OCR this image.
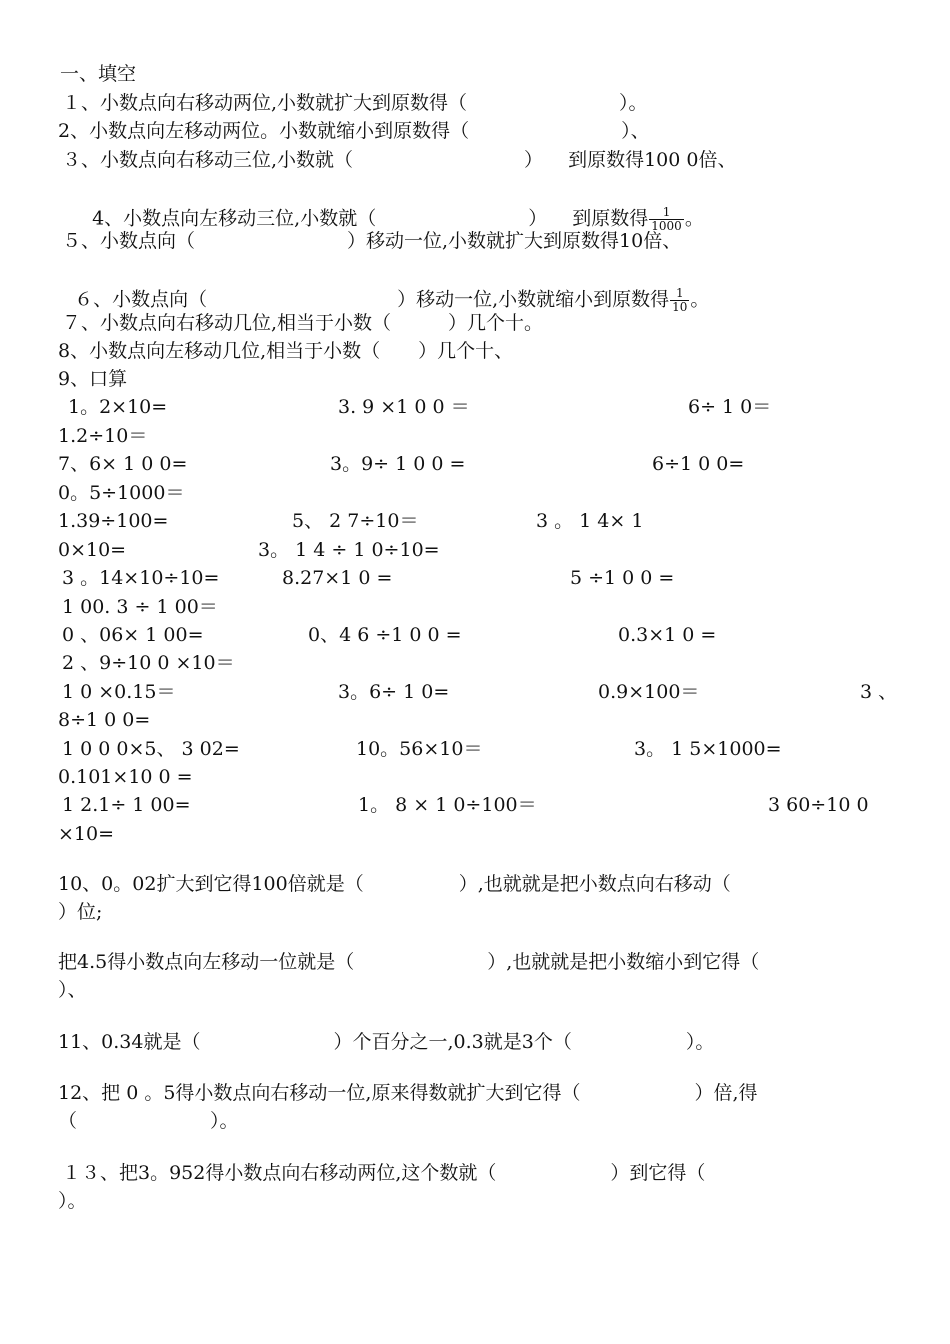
一、填空
１、小数点向右移动两位,小数就扩大到原数得（　　　　　　　　）。
2、小数点向左移动两位。小数就缩小到原数得（　　　　　　　　）、
３、小数点向右移动三位,小数就（　　　　　　　　　） 　到原数得100 0倍、

4、小数点向左移动三位,小数就（　　　　　　　　） 　到原数得 $\frac{1}{1000}$ 。

５、小数点向（　　　　　　　　）移动一位,小数就扩大到原数得10倍、

６、小数点向（　　　　　　　　　　）移动一位,小数就缩小到原数得 $\frac{1}{10}$ 。

７、小数点向右移动几位,相当于小数（　　　）几个十。
8、小数点向左移动几位,相当于小数（　　）几个十、
9、口算
1。2×10=	3. 9 ×1 0 0 ＝	6÷ 1 0＝
1.2÷10＝
7、6× 1 0 0=	3。9÷ 1 0 0 =	6÷1 0 0=
0。5÷1000＝
1.39÷100=	5、 2 7÷10＝	3 。 1 4× 1
0×10=	3。 1 4 ÷ 1 0÷10=
3 。14×10÷10=	8.27×1 0 =	5 ÷1 0 0 =
1 00. 3 ÷ 1 00＝
0 、06× 1 00=	0、4 6 ÷1 0 0 =	0.3×1 0 =
2 、9÷10 0 ×10＝
1 0 ×0.15＝	3。6÷ 1 0=	0.9×100＝	3 、
8÷1 0 0=
1 0 0 0×5、 3 02=	10。56×10＝	3。 1 5×1000=
0.101×10 0 =
1 2.1÷ 1 00=	1。 8 × 1 0÷100＝	3 60÷10 0
×10=
10、0。02扩大到它得100倍就是（　　　　　）,也就就是把小数点向右移动（
）位;
把4.5得小数点向左移动一位就是（　　　　　　　）,也就就是把小数缩小到它得（
）、
11、0.34就是（　　　　　　　）个百分之一,0.3就是3个（　　　　　　）。
12、把 0 。5得小数点向右移动一位,原来得数就扩大到它得（　　　　　　）倍,得
（　　　　　　　）。
１３、把3。952得小数点向右移动两位,这个数就（　　　　　　）到它得（
）。
